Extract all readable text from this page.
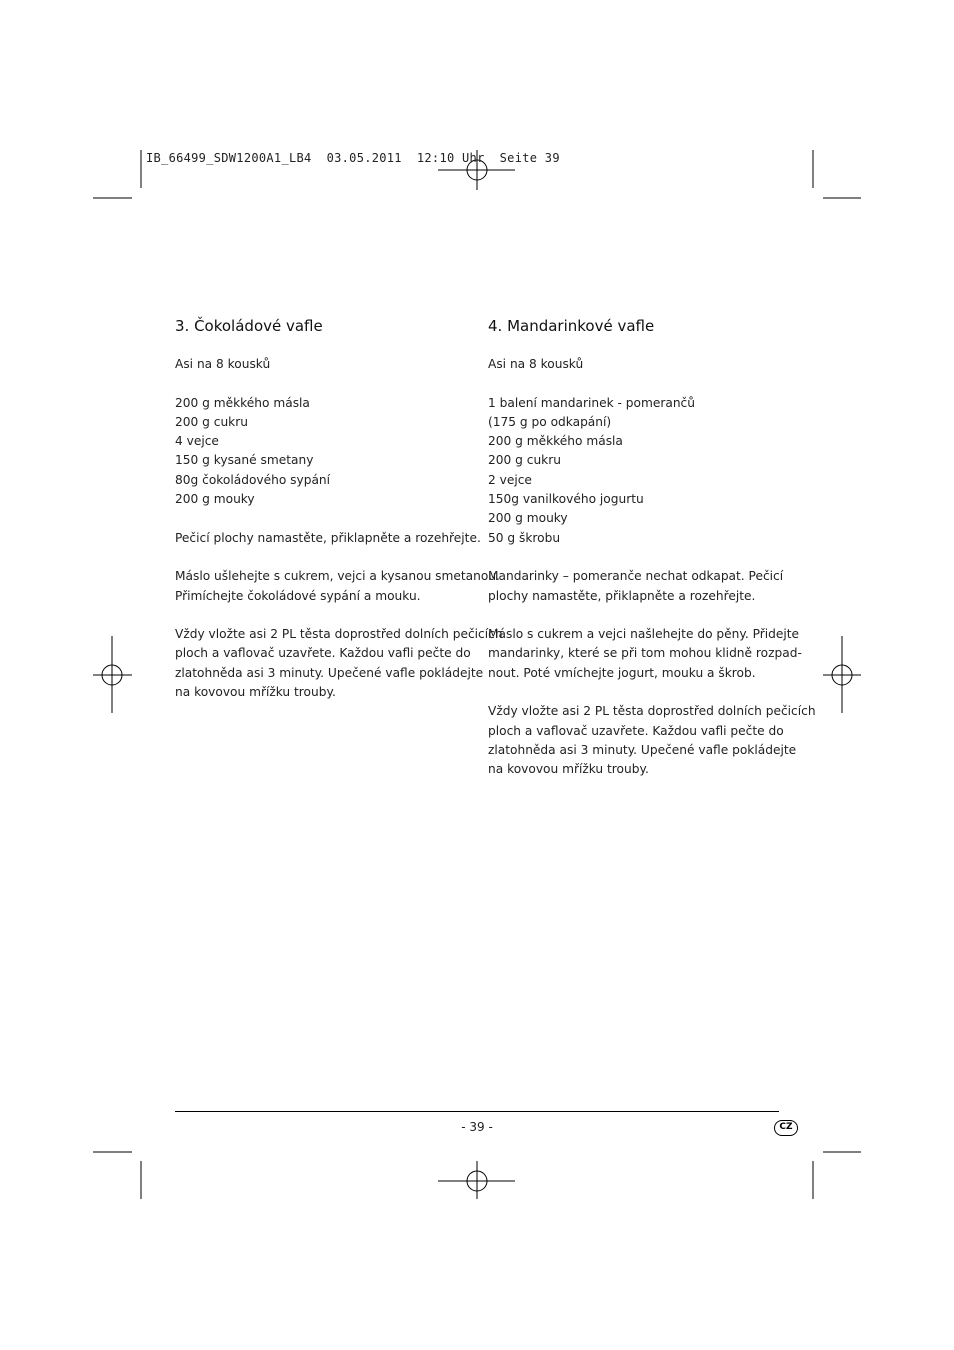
IB_66499_SDW1200A1_LB4  03.05.2011  12:10 Uhr  Seite 39
3. Čokoládové vafle

Asi na 8 kousků

200 g měkkého másla
200 g cukru
4 vejce
150 g kysané smetany
80g čokoládového sypání
200 g mouky

Pečicí plochy namastěte, přiklapněte a rozehřejte.

Máslo ušlehejte s cukrem, vejci a kysanou smetanou.
Přimíchejte čokoládové sypání a mouku.

Vždy vložte asi 2 PL těsta doprostřed dolních pečicích
ploch a vaflovač uzavřete. Každou vafli pečte do
zlatohněda asi 3 minuty. Upečené vafle pokládejte
na kovovou mřížku trouby.

4. Mandarinkové vafle

Asi na 8 kousků

1 balení mandarinek - pomerančů
(175 g po odkapání)
200 g měkkého másla
200 g cukru
2 vejce
150g vanilkového jogurtu
200 g mouky
50 g škrobu

Mandarinky – pomeranče nechat odkapat. Pečicí
plochy namastěte, přiklapněte a rozehřejte.

Máslo s cukrem a vejci našlehejte do pěny. Přidejte
mandarinky, které se při tom mohou klidně rozpad-
nout. Poté vmíchejte jogurt, mouku a škrob.

Vždy vložte asi 2 PL těsta doprostřed dolních pečicích
ploch a vaflovač uzavřete. Každou vafli pečte do
zlatohněda asi 3 minuty. Upečené vafle pokládejte
na kovovou mřížku trouby.

- 39 -	CZ
